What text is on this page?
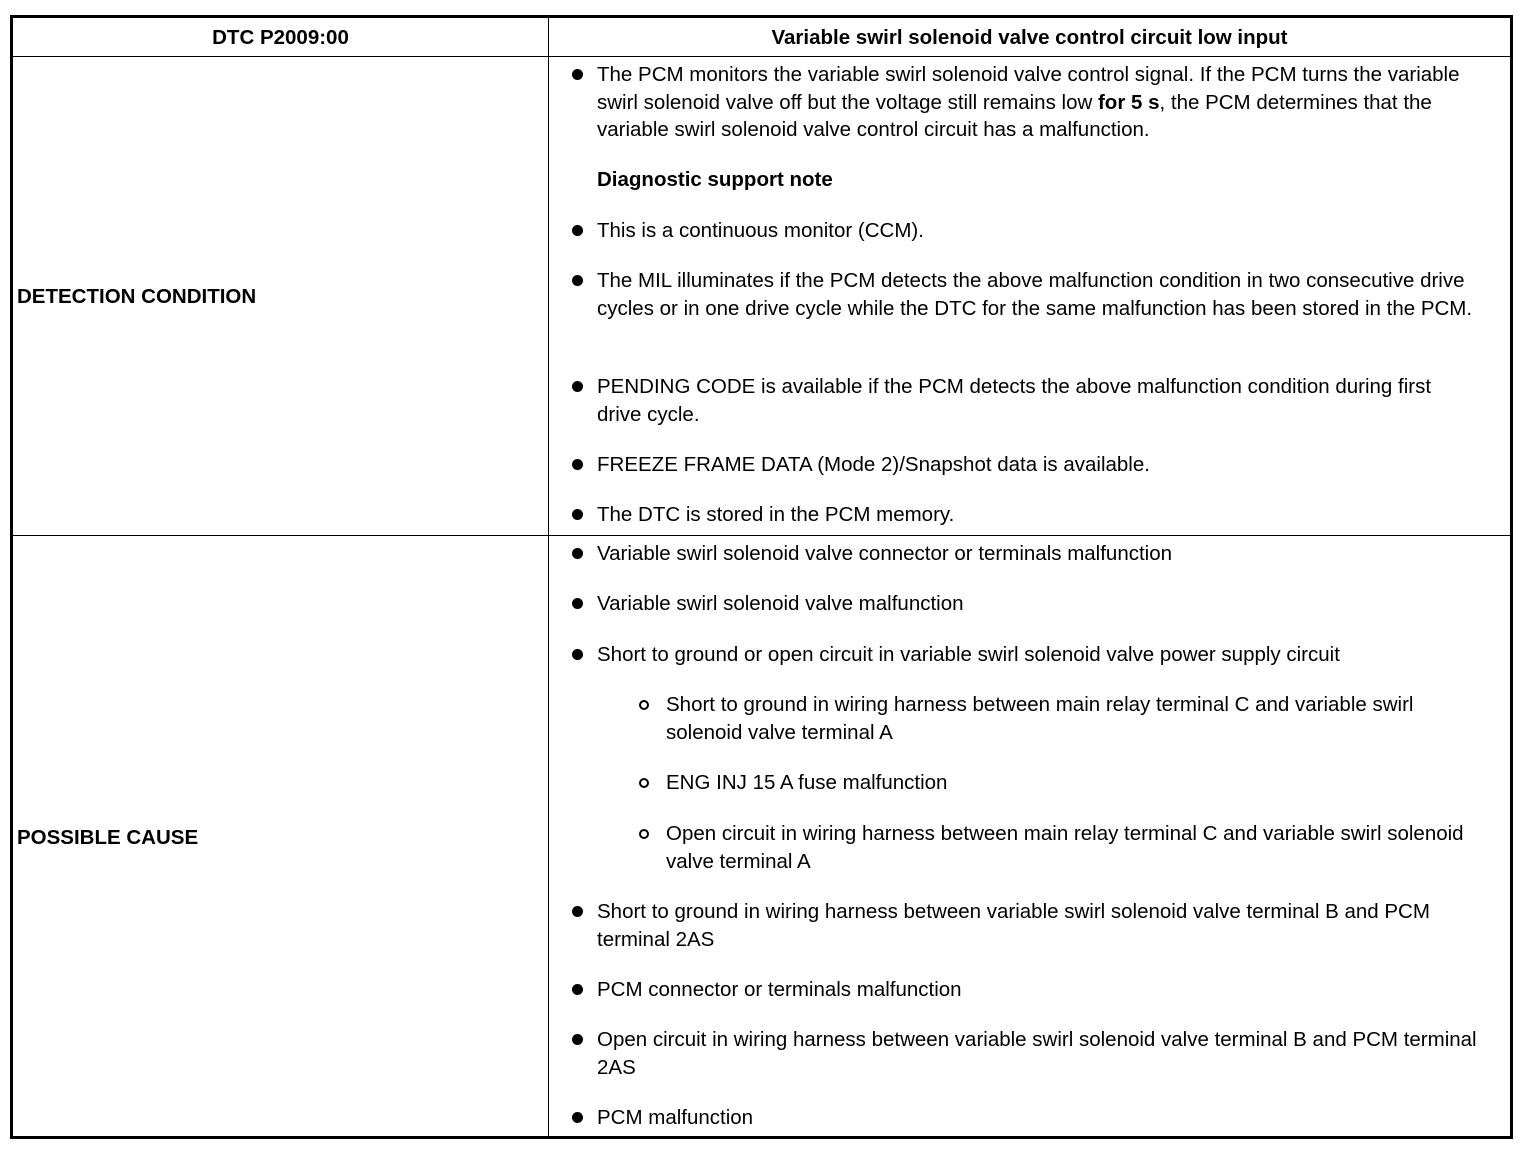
DTC P2009:00	Variable swirl solenoid valve control circuit low input
DETECTION CONDITION
POSSIBLE CAUSE
The PCM monitors the variable swirl solenoid valve control signal. If the PCM turns the variable swirl solenoid valve off but the voltage still remains low for 5 s, the PCM determines that the variable swirl solenoid valve control circuit has a malfunction.
Diagnostic support note
This is a continuous monitor (CCM).
The MIL illuminates if the PCM detects the above malfunction condition in two consecutive drive cycles or in one drive cycle while the DTC for the same malfunction has been stored in the PCM.
PENDING CODE is available if the PCM detects the above malfunction condition during first drive cycle.
FREEZE FRAME DATA (Mode 2)/Snapshot data is available.
The DTC is stored in the PCM memory.
Variable swirl solenoid valve connector or terminals malfunction
Variable swirl solenoid valve malfunction
Short to ground or open circuit in variable swirl solenoid valve power supply circuit
Short to ground in wiring harness between main relay terminal C and variable swirl solenoid valve terminal A
ENG INJ 15 A fuse malfunction
Open circuit in wiring harness between main relay terminal C and variable swirl solenoid valve terminal A
Short to ground in wiring harness between variable swirl solenoid valve terminal B and PCM terminal 2AS
PCM connector or terminals malfunction
Open circuit in wiring harness between variable swirl solenoid valve terminal B and PCM terminal 2AS
PCM malfunction
